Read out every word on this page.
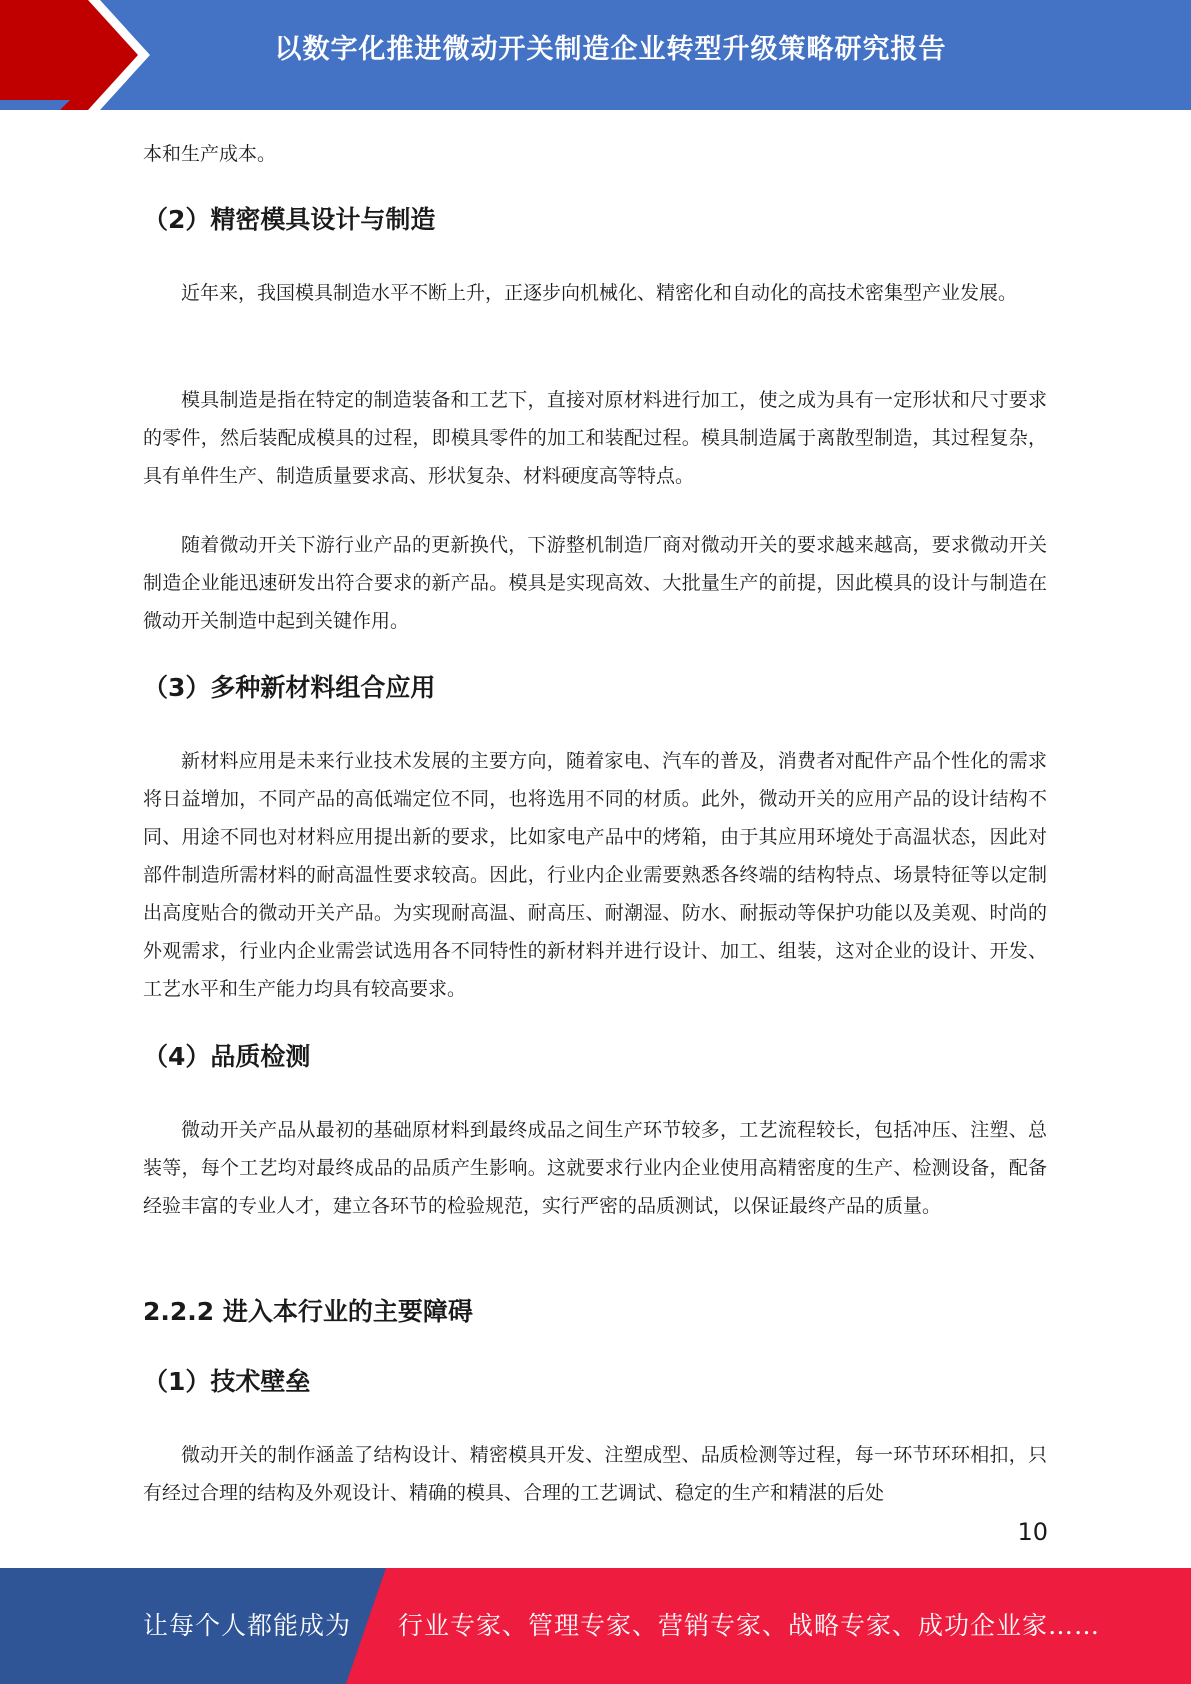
以数字化推进微动开关制造企业转型升级策略研究报告

本和生产成本。

（2）精密模具设计与制造

近年来，我国模具制造水平不断上升，正逐步向机械化、精密化和自动化的高技术密集型产业发展。

模具制造是指在特定的制造装备和工艺下，直接对原材料进行加工，使之成为具有一定形状和尺寸要求的零件，然后装配成模具的过程，即模具零件的加工和装配过程。模具制造属于离散型制造，其过程复杂，具有单件生产、制造质量要求高、形状复杂、材料硬度高等特点。

随着微动开关下游行业产品的更新换代，下游整机制造厂商对微动开关的要求越来越高，要求微动开关制造企业能迅速研发出符合要求的新产品。模具是实现高效、大批量生产的前提，因此模具的设计与制造在微动开关制造中起到关键作用。

（3）多种新材料组合应用

新材料应用是未来行业技术发展的主要方向，随着家电、汽车的普及，消费者对配件产品个性化的需求将日益增加，不同产品的高低端定位不同，也将选用不同的材质。此外，微动开关的应用产品的设计结构不同、用途不同也对材料应用提出新的要求，比如家电产品中的烤箱，由于其应用环境处于高温状态，因此对部件制造所需材料的耐高温性要求较高。因此，行业内企业需要熟悉各终端的结构特点、场景特征等以定制出高度贴合的微动开关产品。为实现耐高温、耐高压、耐潮湿、防水、耐振动等保护功能以及美观、时尚的外观需求，行业内企业需尝试选用各不同特性的新材料并进行设计、加工、组装，这对企业的设计、开发、工艺水平和生产能力均具有较高要求。

（4）品质检测

微动开关产品从最初的基础原材料到最终成品之间生产环节较多，工艺流程较长，包括冲压、注塑、总装等，每个工艺均对最终成品的品质产生影响。这就要求行业内企业使用高精密度的生产、检测设备，配备经验丰富的专业人才，建立各环节的检验规范，实行严密的品质测试，以保证最终产品的质量。

2.2.2 进入本行业的主要障碍
（1）技术壁垒

微动开关的制作涵盖了结构设计、精密模具开发、注塑成型、品质检测等过程，每一环节环环相扣，只有经过合理的结构及外观设计、精确的模具、合理的工艺调试、稳定的生产和精湛的后处

10
让每个人都能成为 行业专家、管理专家、营销专家、战略专家、成功企业家……
